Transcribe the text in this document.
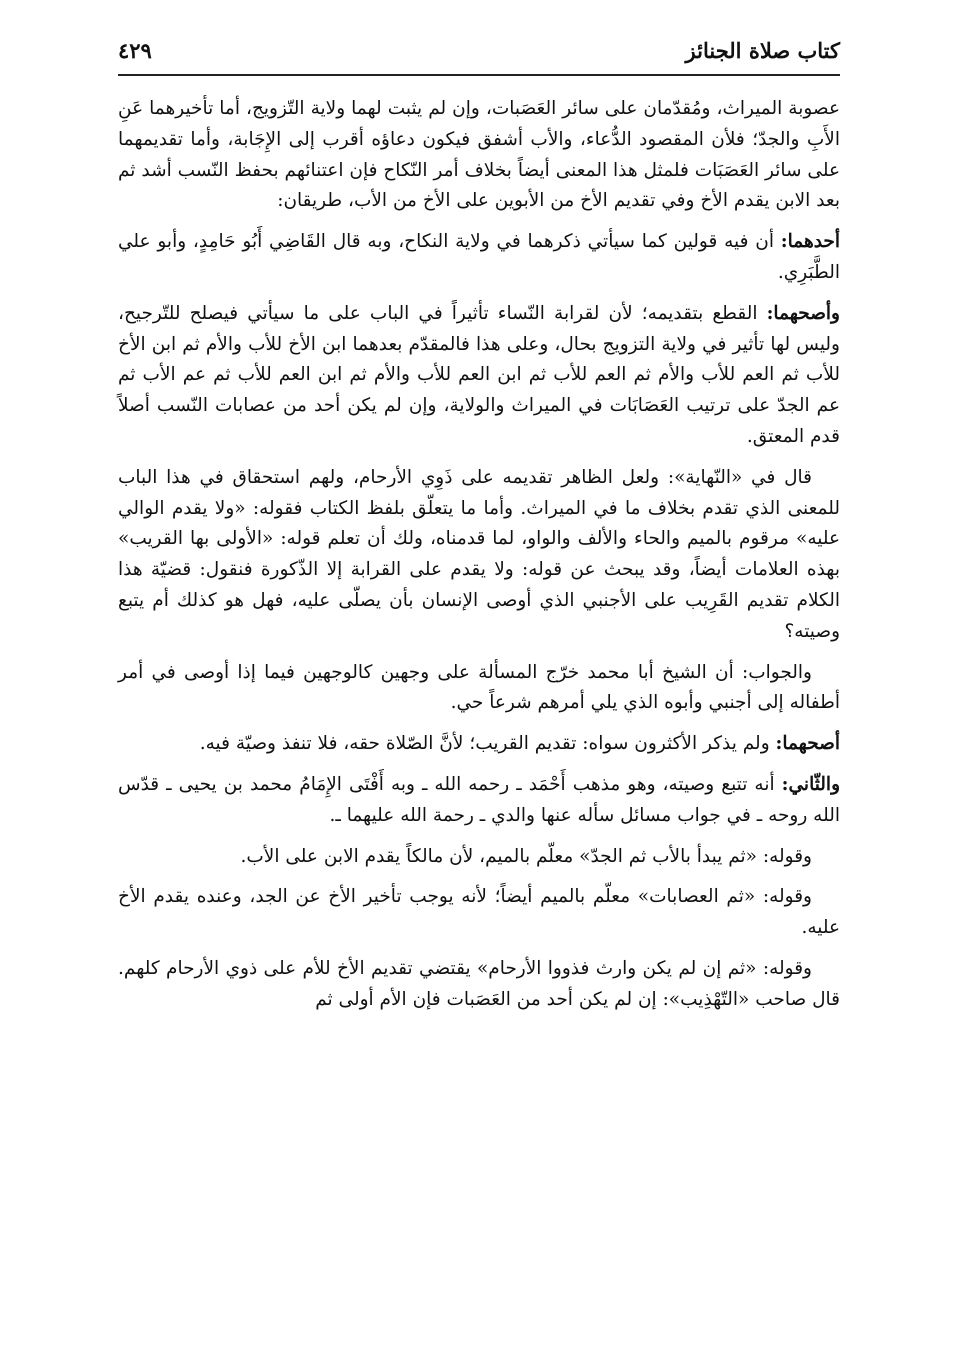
كتاب صلاة الجنائز
٤٢٩

عصوبة الميراث، ومُقدّمان على سائر العَصَبات، وإن لم يثبت لهما ولاية التّزويج، أما تأخيرهما عَنِ الأَبِ والجدّ؛ فلأن المقصود الدُّعاء، والأب أشفق فيكون دعاؤه أقرب إلى الإِجَابة، وأما تقديمهما على سائر العَصَبَات فلمثل هذا المعنى أيضاً بخلاف أمر النّكاح فإن اعتنائهم بحفظ النّسب أشد ثم بعد الابن يقدم الأخ وفي تقديم الأخ من الأبوين على الأخ من الأب، طريقان:

أحدهما: أن فيه قولين كما سيأتي ذكرهما في ولاية النكاح، وبه قال القَاضِي أَبُو حَامِدٍ، وأبو علي الطَّبَرِي.

وأصحهما: القطع بتقديمه؛ لأن لقرابة النّساء تأثيراً في الباب على ما سيأتي فيصلح للتّرجيح، وليس لها تأثير في ولاية التزويج بحال، وعلى هذا فالمقدّم بعدهما ابن الأخ للأب والأم ثم ابن الأخ للأب ثم العم للأب والأم ثم العم للأب ثم ابن العم للأب والأم ثم ابن العم للأب ثم عم الأب ثم عم الجدّ على ترتيب العَصَابَات في الميراث والولاية، وإن لم يكن أحد من عصابات النّسب أصلاً قدم المعتق.

قال في «النّهاية»: ولعل الظاهر تقديمه على ذَوِي الأرحام، ولهم استحقاق في هذا الباب للمعنى الذي تقدم بخلاف ما في الميراث. وأما ما يتعلّق بلفظ الكتاب فقوله: «ولا يقدم الوالي عليه» مرقوم بالميم والحاء والألف والواو، لما قدمناه، ولك أن تعلم قوله: «الأولى بها القريب» بهذه العلامات أيضاً، وقد يبحث عن قوله: ولا يقدم على القرابة إلا الذّكورة فنقول: قضيّة هذا الكلام تقديم القَرِيب على الأجنبي الذي أوصى الإنسان بأن يصلّى عليه، فهل هو كذلك أم يتبع وصيته؟

والجواب: أن الشيخ أبا محمد خرّج المسألة على وجهين كالوجهين فيما إذا أوصى في أمر أطفاله إلى أجنبي وأبوه الذي يلي أمرهم شرعاً حي.

أصحهما: ولم يذكر الأكثرون سواه: تقديم القريب؛ لأنَّ الصّلاة حقه، فلا تنفذ وصيّة فيه.

والثّاني: أنه تتبع وصيته، وهو مذهب أَحْمَد ـ رحمه الله ـ وبه أَفْتَى الإِمَامُ محمد بن يحيى ـ قدّس الله روحه ـ في جواب مسائل سأله عنها والدي ـ رحمة الله عليهما ـ.

وقوله: «ثم يبدأ بالأب ثم الجدّ» معلّم بالميم، لأن مالكاً يقدم الابن على الأب.

وقوله: «ثم العصابات» معلّم بالميم أيضاً؛ لأنه يوجب تأخير الأخ عن الجد، وعنده يقدم الأخ عليه.

وقوله: «ثم إن لم يكن وارث فذووا الأرحام» يقتضي تقديم الأخ للأم على ذوي الأرحام كلهم. قال صاحب «التّهْذِيب»: إن لم يكن أحد من العَصَبات فإن الأم أولى ثم
